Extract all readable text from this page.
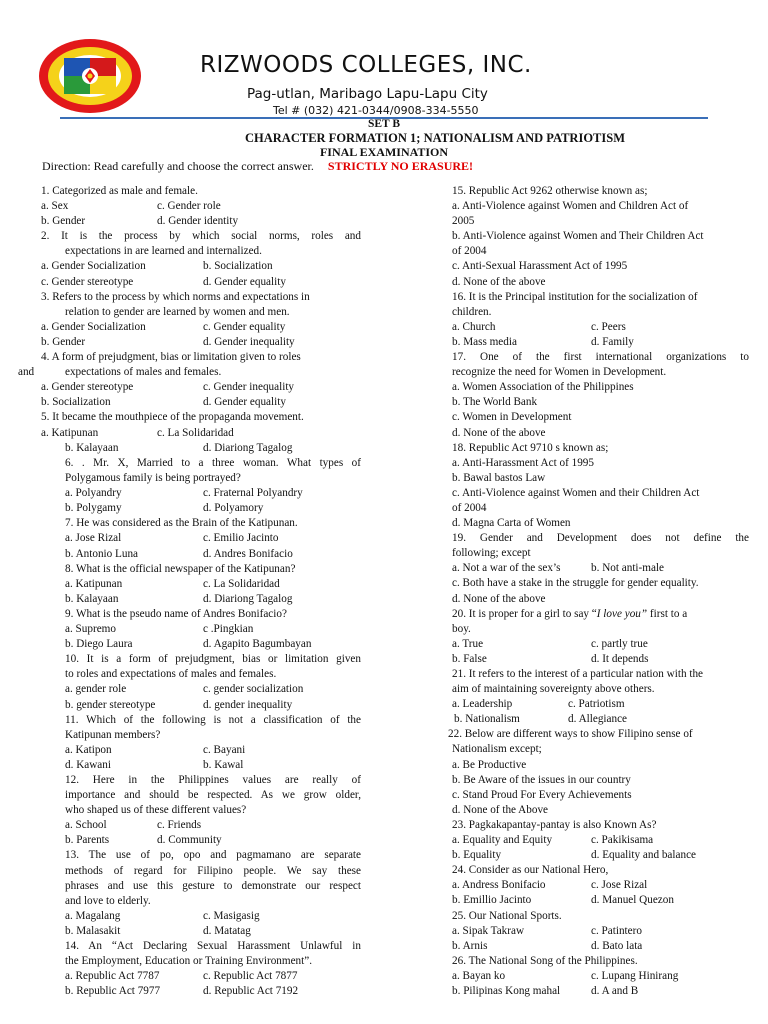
RIZWOODS COLLEGES, INC.
Pag-utlan, Maribago Lapu-Lapu City
Tel # (032) 421-0344/0908-334-5550
SET B
CHARACTER FORMATION 1; NATIONALISM AND PATRIOTISM
FINAL EXAMINATION
Direction: Read carefully and choose the correct answer. STRICTLY NO ERASURE!
1. Categorized as male and female.
a. Sex	c. Gender role
b. Gender	d. Gender identity
2. It is the process by which social norms, roles and
expectations in are learned and internalized.
a. Gender Socialization	b. Socialization
c. Gender stereotype	d. Gender equality
3. Refers to the process by which norms and expectations in
relation to gender are learned by women and men.
a. Gender Socialization	c. Gender equality
b. Gender	d. Gender inequality
4. A form of prejudgment, bias or limitation given to roles
and	expectations of males and females.
a. Gender stereotype	c. Gender inequality
b. Socialization	d. Gender equality
5. It became the mouthpiece of the propaganda movement.
a. Katipunan	c. La Solidaridad
b. Kalayaan	d. Diariong Tagalog
6. . Mr. X, Married to a three woman. What types of
Polygamous family is being portrayed?
a. Polyandry	c. Fraternal Polyandry
b. Polygamy	d. Polyamory
7. He was considered as the Brain of the Katipunan.
a. Jose Rizal	c. Emilio Jacinto
b. Antonio Luna	d. Andres Bonifacio
8. What is the official newspaper of the Katipunan?
a. Katipunan	c. La Solidaridad
b. Kalayaan	d. Diariong Tagalog
9. What is the pseudo name of Andres Bonifacio?
a. Supremo	c .Pingkian
b. Diego Laura	d. Agapito Bagumbayan
10. It is a form of prejudgment, bias or limitation given
to roles and expectations of males and females.
a. gender role	c. gender socialization
b. gender stereotype	d. gender inequality
11. Which of the following is not a classification of the
Katipunan members?
a. Katipon	c. Bayani
d. Kawani	b. Kawal
12. Here in the Philippines values are really of
importance and should be respected. As we grow older,
who shaped us of these different values?
a. School	c. Friends
b. Parents	d. Community
13. The use of po, opo and pagmamano are separate
methods of regard for Filipino people. We say these
phrases and use this gesture to demonstrate our respect
and love to elderly.
a. Magalang	c. Masigasig
b. Malasakit	d. Matatag
14. An “Act Declaring Sexual Harassment Unlawful in
the Employment, Education or Training Environment”.
a. Republic Act 7787	c. Republic Act 7877
b. Republic Act 7977	d. Republic Act 7192
15. Republic Act 9262 otherwise known as;
a. Anti-Violence against Women and Children Act of
2005
b. Anti-Violence against Women and Their Children Act
of 2004
c. Anti-Sexual Harassment Act of 1995
d. None of the above
16. It is the Principal institution for the socialization of
children.
a. Church	c. Peers
b. Mass media	d. Family
17. One of the first international organizations to
recognize the need for Women in Development.
a. Women Association of the Philippines
b. The World Bank
c. Women in Development
d. None of the above
18. Republic Act 9710 s known as;
a. Anti-Harassment Act of 1995
b. Bawal bastos Law
c. Anti-Violence against Women and their Children Act
of 2004
d. Magna Carta of Women
19. Gender and Development does not define the
following; except
a. Not a war of the sex’s	b. Not anti-male
c. Both have a stake in the struggle for gender equality.
d. None of the above
20. It is proper for a girl to say “I love you” first to a
boy.
a. True	c. partly true
b. False	d. It depends
21. It refers to the interest of a particular nation with the
aim of maintaining sovereignty above others.
a. Leadership	c. Patriotism
b. Nationalism	d. Allegiance
22. Below are different ways to show Filipino sense of
Nationalism except;
a. Be Productive
b. Be Aware of the issues in our country
c. Stand Proud For Every Achievements
d. None of the Above
23. Pagkakapantay-pantay is also Known As?
a. Equality and Equity	c. Pakikisama
b. Equality	d. Equality and balance
24. Consider as our National Hero,
a. Andress Bonifacio	c. Jose Rizal
b. Emillio Jacinto	d. Manuel Quezon
25. Our National Sports.
a. Sipak Takraw	c. Patintero
b. Arnis	d. Bato lata
26. The National Song of the Philippines.
a. Bayan ko	c. Lupang Hinirang
b. Pilipinas Kong mahal	d. A and B
